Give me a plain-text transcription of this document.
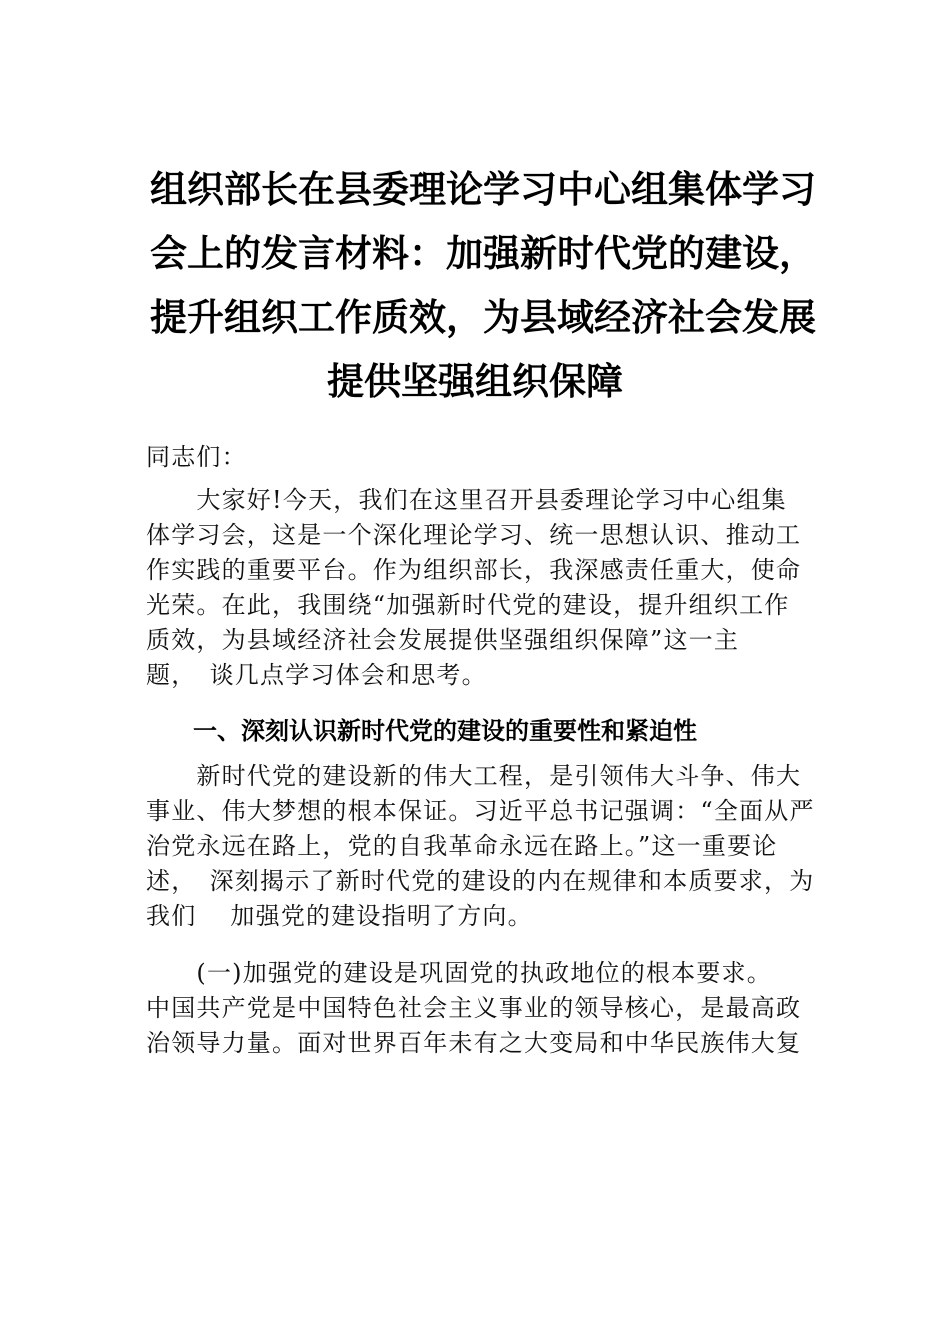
组织部长在县委理论学习中心组集体学习
会上的发言材料：加强新时代党的建设，
提升组织工作质效，为县域经济社会发展
提供坚强组织保障
同志们：
　　大家好!今天，我们在这里召开县委理论学习中心组集
体学习会，这是一个深化理论学习、统一思想认识、推动工
作实践的重要平台。作为组织部长，我深感责任重大，使命
光荣。在此，我围绕“加强新时代党的建设，提升组织工作
质效，为县域经济社会发展提供坚强组织保障”这一主
题，　谈几点学习体会和思考。
一、深刻认识新时代党的建设的重要性和紧迫性
　　新时代党的建设新的伟大工程，是引领伟大斗争、伟大
事业、伟大梦想的根本保证。习近平总书记强调：“全面从严
治党永远在路上，党的自我革命永远在路上。”这一重要论
述，　深刻揭示了新时代党的建设的内在规律和本质要求，为
我们　 加强党的建设指明了方向。
　　(一)加强党的建设是巩固党的执政地位的根本要求。
中国共产党是中国特色社会主义事业的领导核心，是最高政
治领导力量。面对世界百年未有之大变局和中华民族伟大复
